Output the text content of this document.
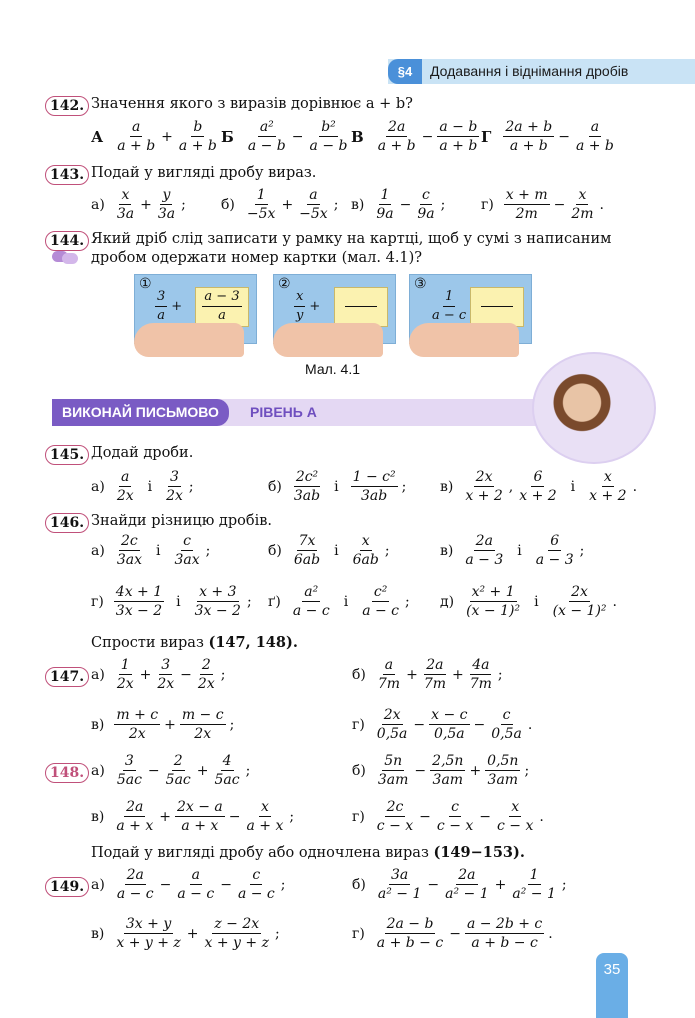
§4	Додавання і віднімання дробів
142. Значення якого з виразів дорівнює a + b?
143. Подай у вигляді дробу вираз.
144. Який дріб слід записати у рамку на картці, щоб у сумі з написаним
дробом одержати номер картки (мал. 4.1)?
Мал. 4.1
ВИКОНАЙ ПИСЬМОВО	РІВЕНЬ А
145. Додай дроби.
146. Знайди різницю дробів.
Спрости вираз (147, 148).
147.
148.
Подай у вигляді дробу або одночлена вираз (149−153).
149.
35
А $\frac{a}{a + b} + \frac{b}{a + b}$ Б $\frac{\text{a²}}{a - b} - \frac{\text{b²}}{a - b}$ В $\frac{2a}{a + b} - \frac{a - b}{a + b}$ Г $\frac{2a + b}{a + b} - \frac{a}{a + b}$
$а) \frac{x}{3a} + \frac{y}{3a}$ ;	$б) \frac{1}{-5x} + \frac{a}{-5x}$ ; $в) \frac{1}{9a} - \frac{c}{9a}$ ;	$г) \frac{x + m}{2m} - \frac{x}{2m}$ .
①
$\frac{3}{a} + \frac{a - 3}{a}$
②
$\frac{x}{y}$ +
③
$\frac{1}{a - c}$
$а) \frac{a}{2x}$ і $\frac{3}{2x}$ ;	$б) \frac{\text{2c²}}{3ab}$ і $\frac{\text{1 − c²}}{3ab}$ ; $в) \frac{2x}{x + 2}$ , $\frac{6}{x + 2}$ і $\frac{x}{x + 2}$ .
$а) \frac{2c}{3ax}$ і $\frac{c}{3ax}$ ;	$б) \frac{7x}{6ab}$ і $\frac{x}{6ab}$ ;	$в) \frac{2a}{a - 3}$ і $\frac{6}{a - 3}$ ;
$г) \frac{4x + 1}{3x - 2}$ і $\frac{x + 3}{3x - 2}$ ; $ґ) \frac{\text{a²}}{a - c}$ і $\frac{\text{c²}}{a - c}$ ; $д) \frac{\text{x² + 1}}{\text{(x − 1)²}}$ і $\frac{2x}{\text{(x − 1)²}}$ .
$а) \frac{1}{2x} + \frac{3}{2x} - \frac{2}{2x}$ ;	$б) \frac{a}{7m} + \frac{2a}{7m} + \frac{4a}{7m}$ ;
$в) \frac{m + c}{2x} + \frac{m - c}{2x}$ ;	$г) \frac{2x}{0,5a} - \frac{x - c}{0,5a} - \frac{c}{0,5a}$ .
$а) \frac{3}{5ac} - \frac{2}{5ac} + \frac{4}{5ac}$ ;	$б) \frac{5n}{3am} - \frac{2,5n}{3am} + \frac{0,5n}{3am}$ ;
$в) \frac{2a}{a + x} + \frac{2x - a}{a + x} - \frac{x}{a + x}$ ;	$г) \frac{2c}{c - x} - \frac{c}{c - x} - \frac{x}{c - x}$ .
$а) \frac{2a}{a - c} - \frac{a}{a - c} - \frac{c}{a - c}$ ;	$б) \frac{3a}{\text{a² − 1}} - \frac{2a}{\text{a² − 1}} + \frac{1}{\text{a² − 1}}$ ;
$в) \frac{3x + y}{x + y + z} + \frac{z - 2x}{x + y + z}$ ;	$г) \frac{2a - b}{a + b - c} - \frac{a - 2b + c}{a + b - c}$ .
